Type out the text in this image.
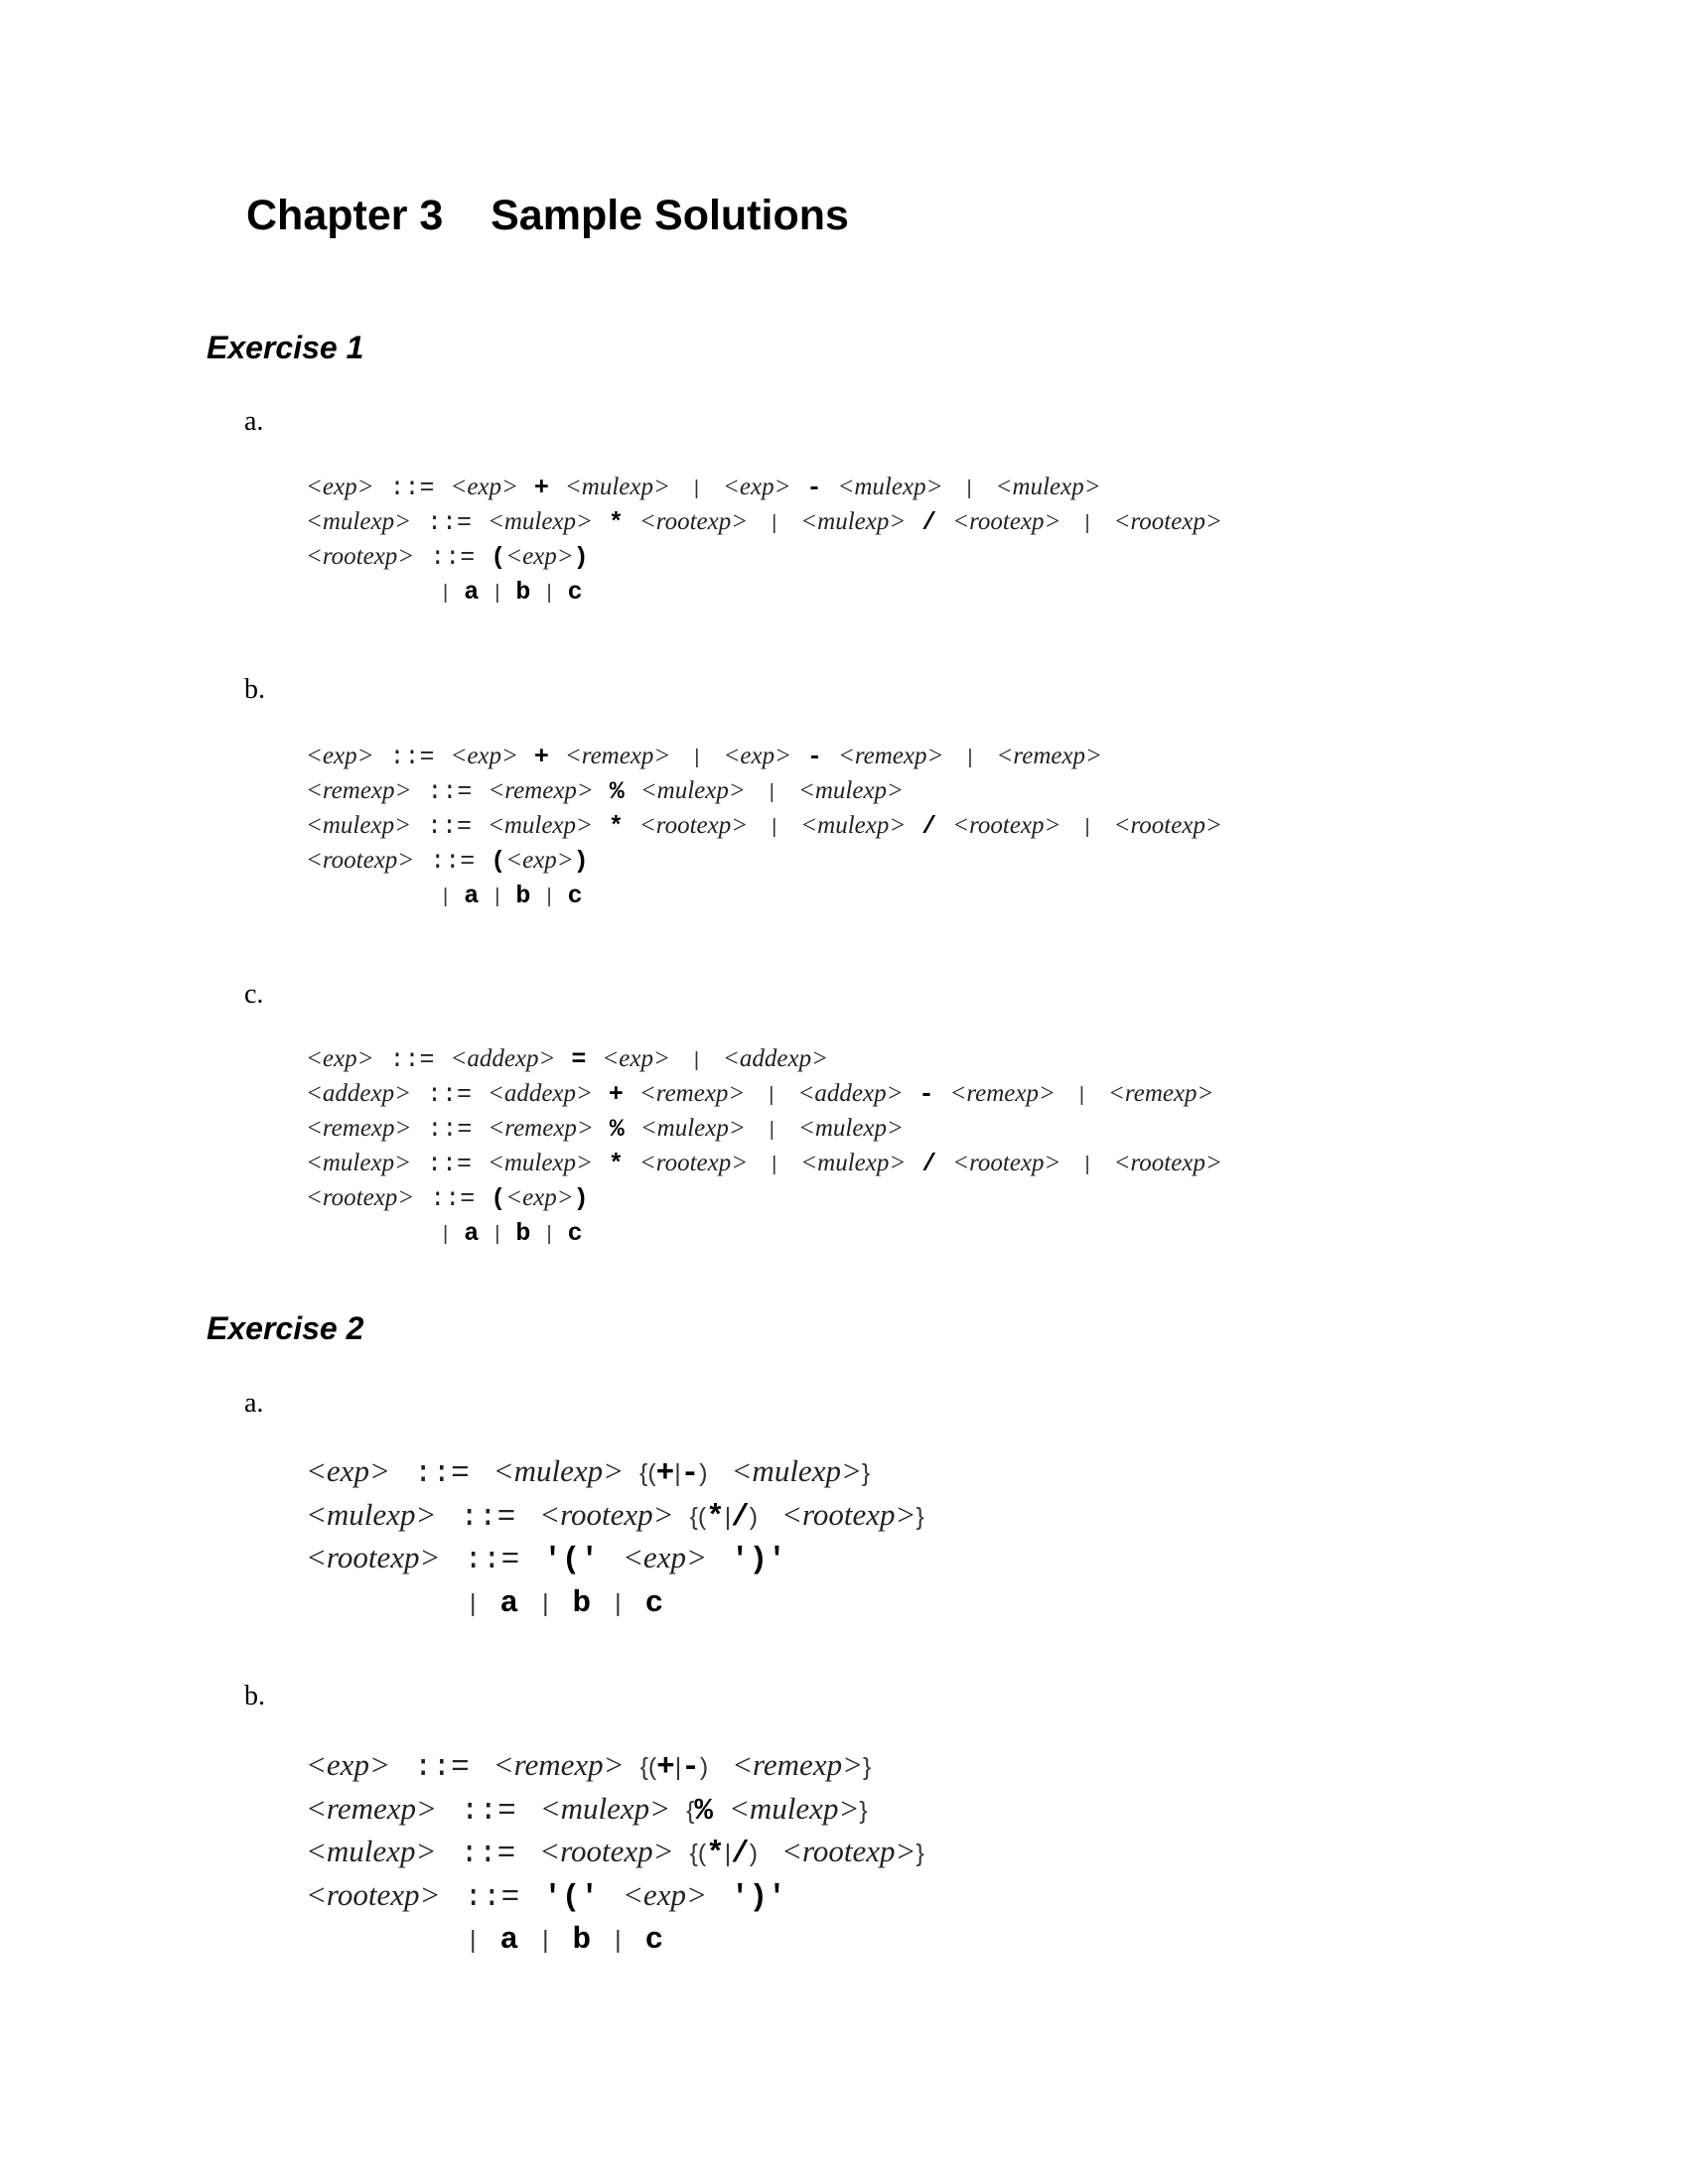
Chapter 3    Sample Solutions
Exercise 1
a.
<exp> ::= <exp> + <mulexp> | <exp> - <mulexp> | <mulexp>
<mulexp> ::= <mulexp> * <rootexp> | <mulexp> / <rootexp> | <rootexp>
<rootexp> ::= (<exp>)
| a | b | c
b.
<exp> ::= <exp> + <remexp> | <exp> - <remexp> | <remexp>
<remexp> ::= <remexp> % <mulexp> | <mulexp>
<mulexp> ::= <mulexp> * <rootexp> | <mulexp> / <rootexp> | <rootexp>
<rootexp> ::= (<exp>)
| a | b | c
c.
<exp> ::= <addexp> = <exp> | <addexp>
<addexp> ::= <addexp> + <remexp> | <addexp> - <remexp> | <remexp>
<remexp> ::= <remexp> % <mulexp> | <mulexp>
<mulexp> ::= <mulexp> * <rootexp> | <mulexp> / <rootexp> | <rootexp>
<rootexp> ::= (<exp>)
| a | b | c
Exercise 2
a.
<exp> ::= <mulexp> {(+|-) <mulexp>}
<mulexp> ::= <rootexp> {(*|/) <rootexp>}
<rootexp> ::= '(' <exp> ')'
| a | b | c
b.
<exp> ::= <remexp> {(+|-) <remexp>}
<remexp> ::= <mulexp> {% <mulexp>}
<mulexp> ::= <rootexp> {(*|/) <rootexp>}
<rootexp> ::= '(' <exp> ')'
| a | b | c
